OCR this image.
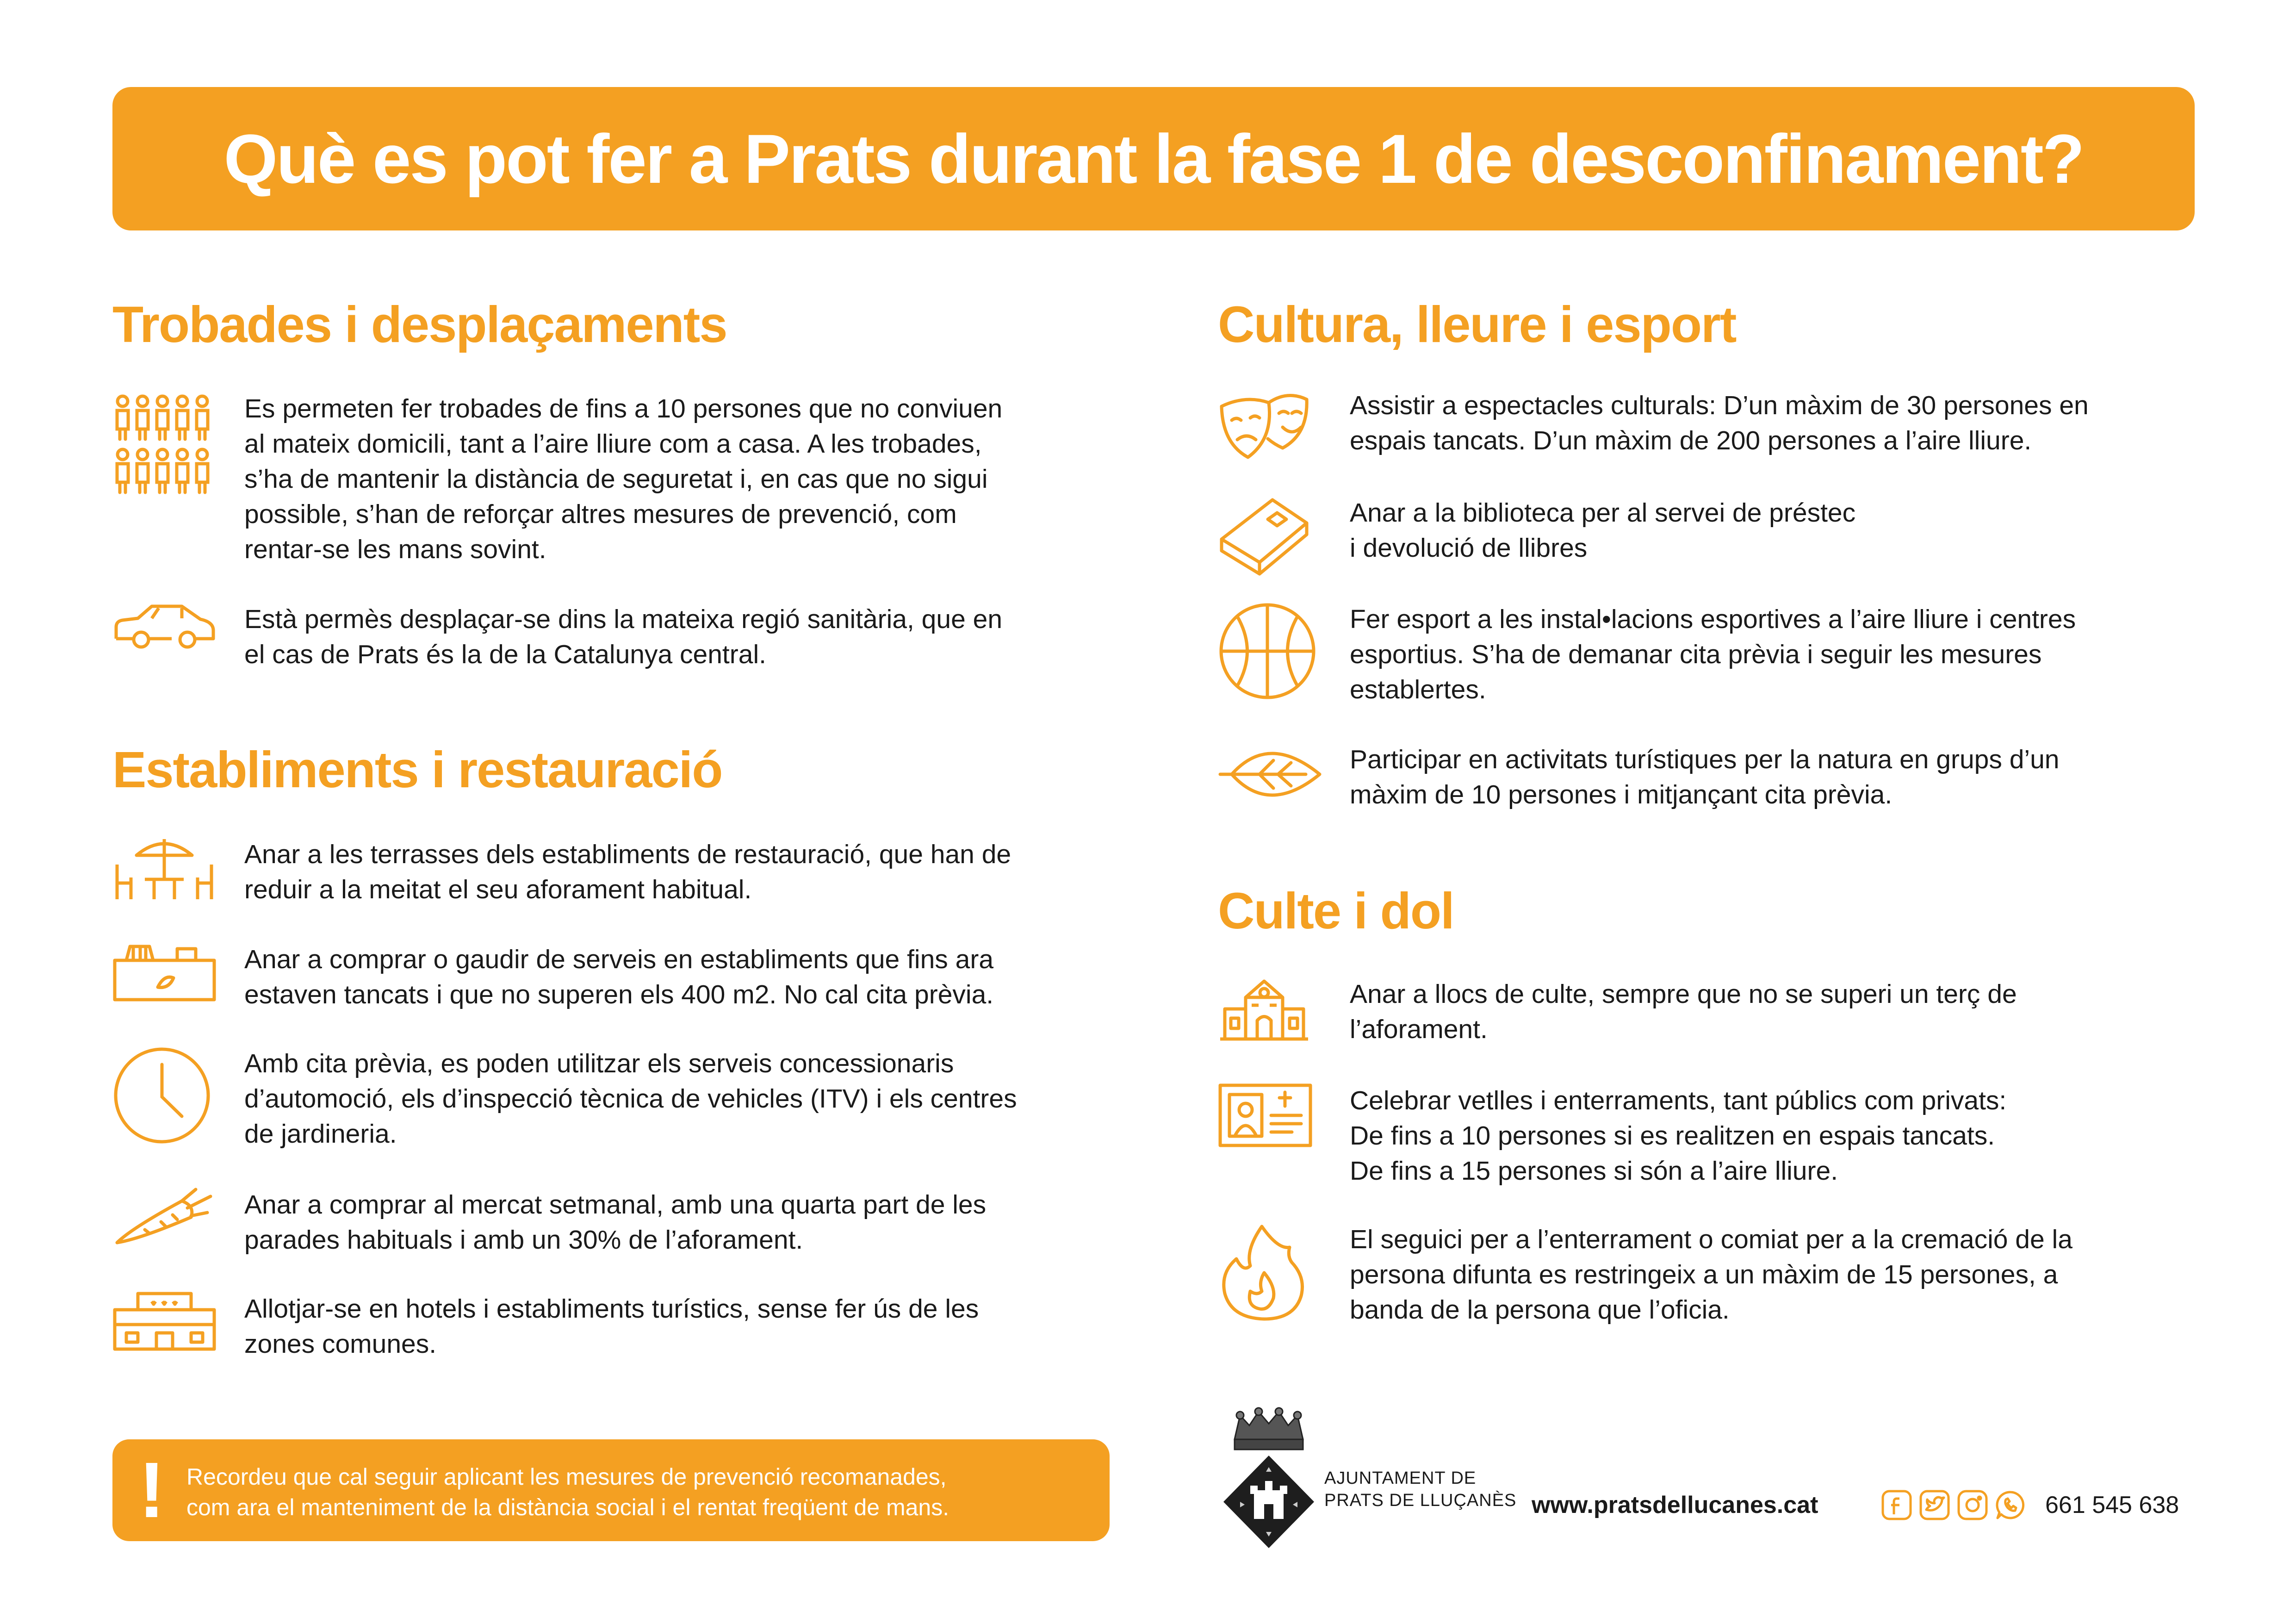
Què es pot fer a Prats durant la fase 1 de desconfinament?
Trobades i desplaçaments

Es permeten fer trobades de fins a 10 persones que no conviuen
al mateix domicili, tant a l’aire lliure com a casa. A les trobades,
s’ha de mantenir la distància de seguretat i, en cas que no sigui
possible, s’han de reforçar altres mesures de prevenció, com
rentar-se les mans sovint.

Està permès desplaçar-se dins la mateixa regió sanitària, que en
el cas de Prats és la de la Catalunya central.

Establiments i restauració

Anar a les terrasses dels establiments de restauració, que han de
reduir a la meitat el seu aforament habitual.

Anar a comprar o gaudir de serveis en establiments que fins ara
estaven tancats i que no superen els 400 m2. No cal cita prèvia.

Amb cita prèvia, es poden utilitzar els serveis concessionaris
d’automoció, els d’inspecció tècnica de vehicles (ITV) i els centres
de jardineria.

Anar a comprar al mercat setmanal, amb una quarta part de les
parades habituals i amb un 30% de l’aforament.

Allotjar-se en hotels i establiments turístics, sense fer ús de les
zones comunes.

Cultura, lleure i esport

Assistir a espectacles culturals: D’un màxim de 30 persones en
espais tancats. D’un màxim de 200 persones a l’aire lliure.

Anar a la biblioteca per al servei de préstec
i devolució de llibres

Fer esport a les instal•lacions esportives a l’aire lliure i centres
esportius. S’ha de demanar cita prèvia i seguir les mesures
establertes.

Participar en activitats turístiques per la natura en grups d’un
màxim de 10 persones i mitjançant cita prèvia.

Culte i dol

Anar a llocs de culte, sempre que no se superi un terç de
l’aforament.

Celebrar vetlles i enterraments, tant públics com privats:
De fins a 10 persones si es realitzen en espais tancats.
De fins a 15 persones si són a l’aire lliure.

El seguici per a l’enterrament o comiat per a la cremació de la
persona difunta es restringeix a un màxim de 15 persones, a
banda de la persona que l’oficia.

! Recordeu que cal seguir aplicant les mesures de prevenció recomanades,
com ara el manteniment de la distància social i el rentat freqüent de mans.

AJUNTAMENT DE
PRATS DE LLUÇANÈS www.pratsdellucanes.cat	661 545 638
